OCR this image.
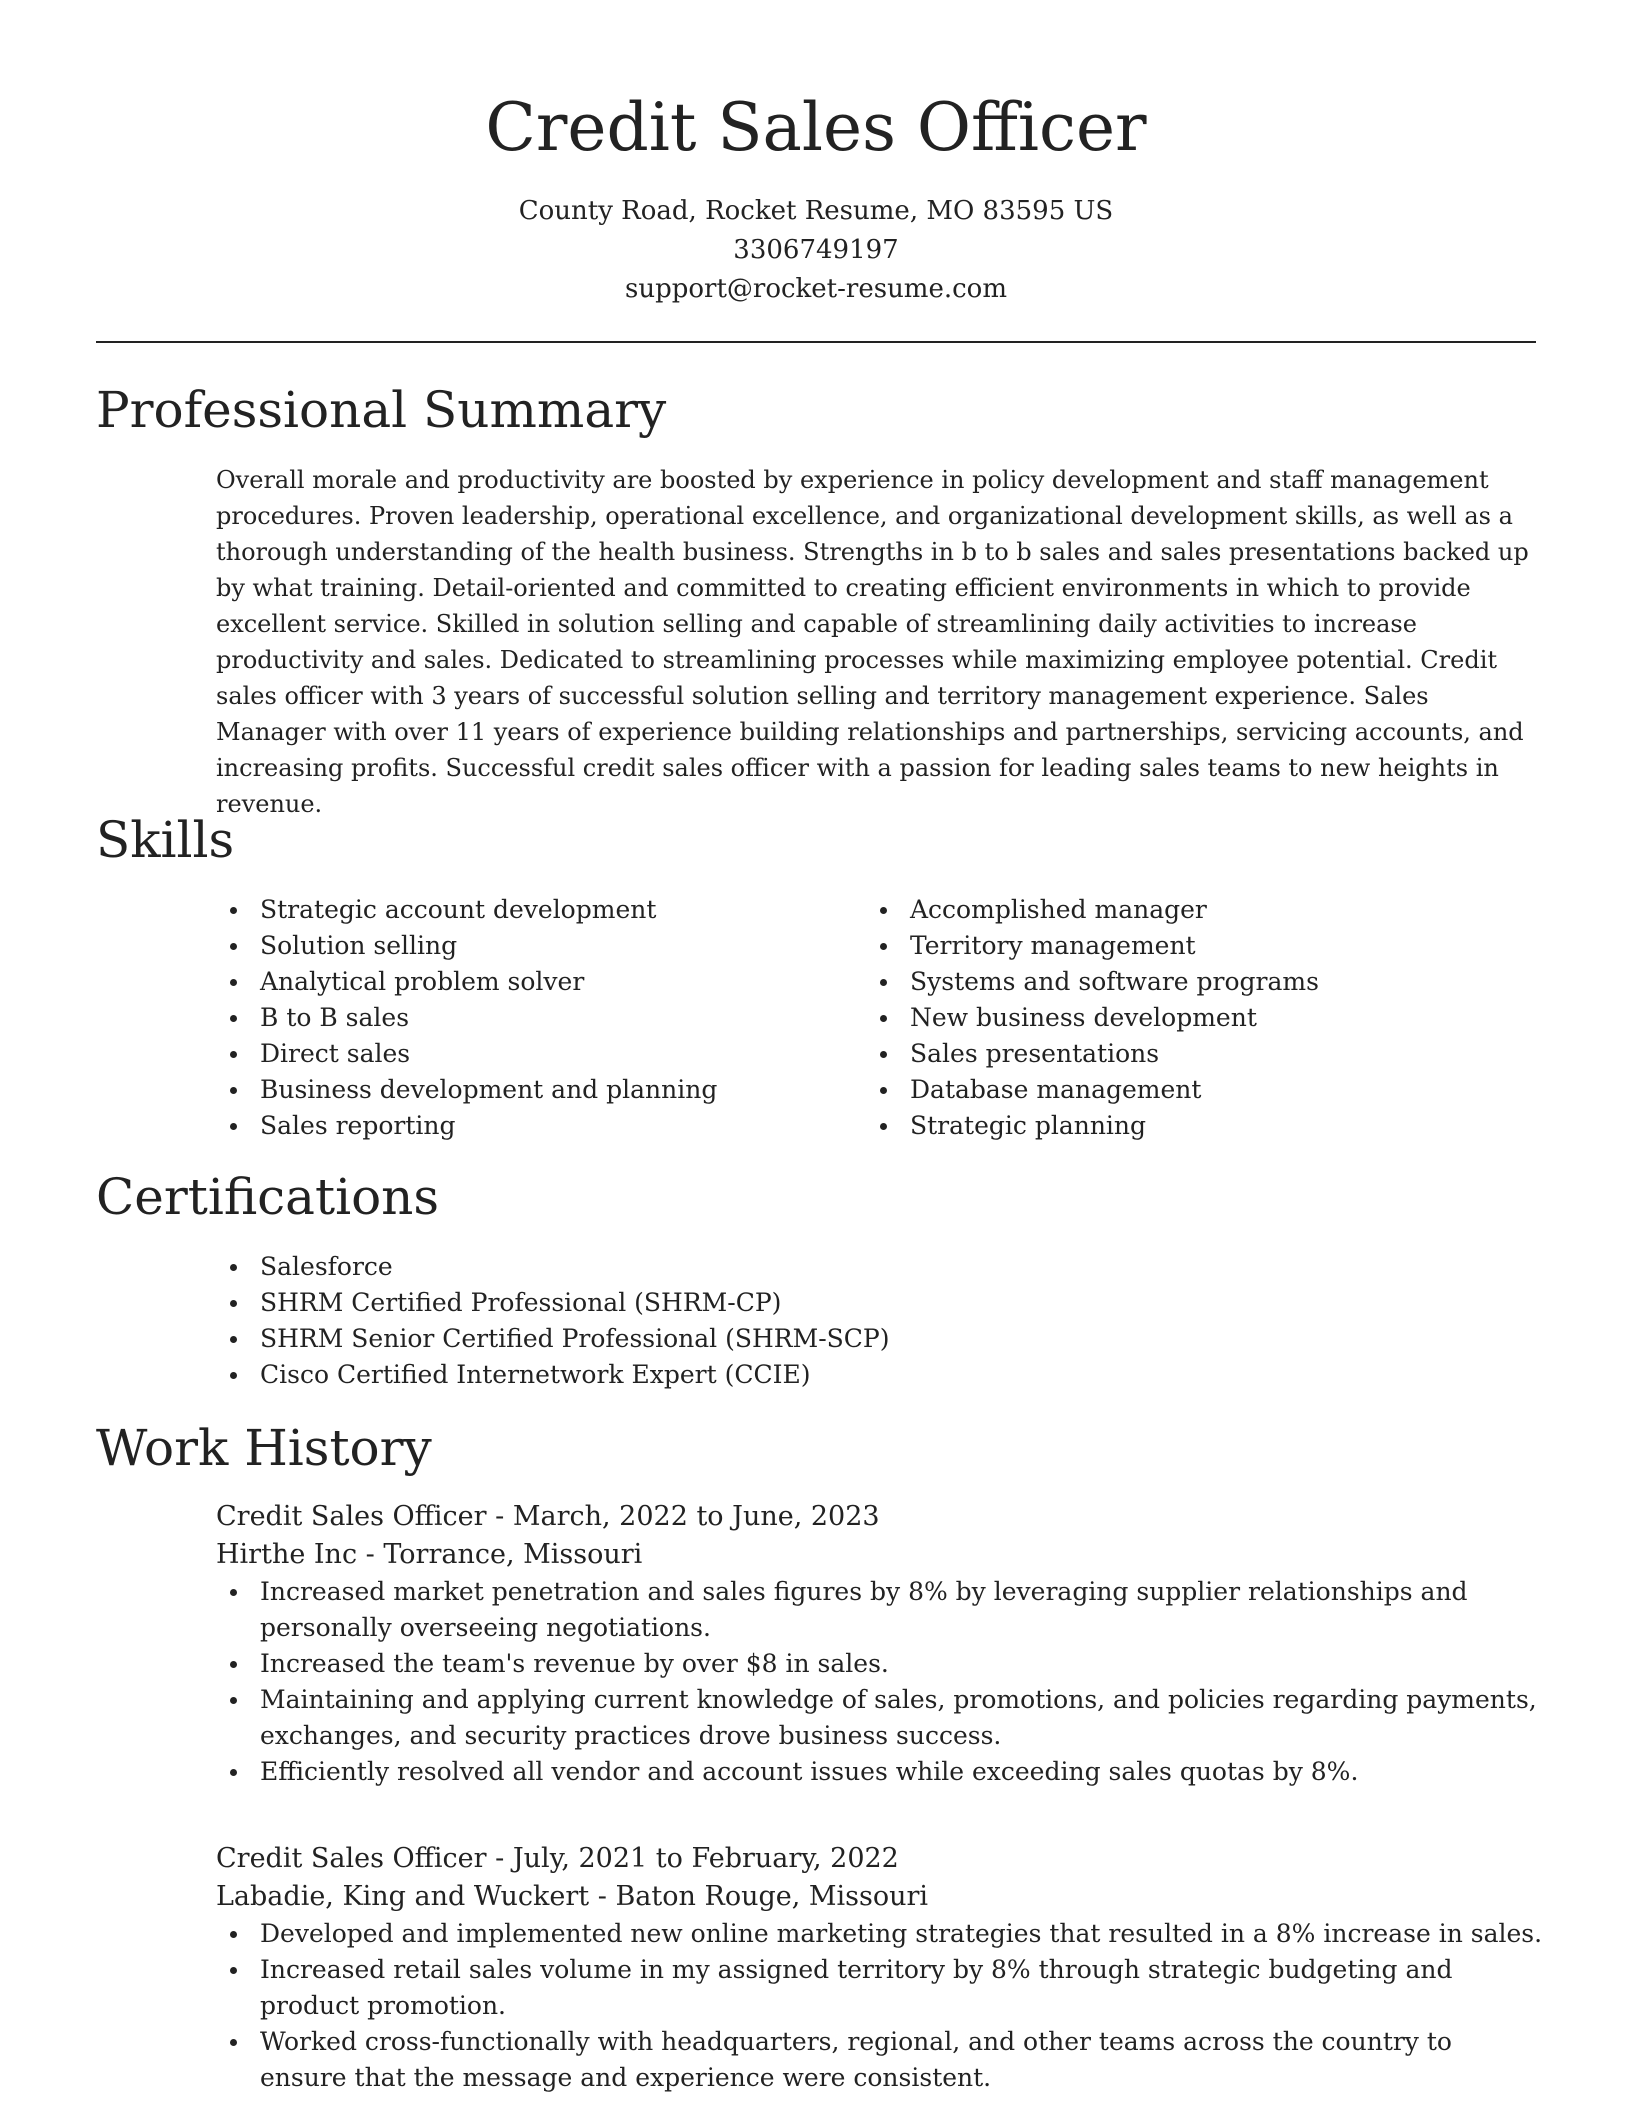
Credit Sales Officer
County Road, Rocket Resume, MO 83595 US
3306749197
support@rocket-resume.com
Professional Summary

Overall morale and productivity are boosted by experience in policy development and staff management procedures. Proven leadership, operational excellence, and organizational development skills, as well as a thorough understanding of the health business. Strengths in b to b sales and sales presentations backed up by what training. Detail-oriented and committed to creating efficient environments in which to provide excellent service. Skilled in solution selling and capable of streamlining daily activities to increase productivity and sales. Dedicated to streamlining processes while maximizing employee potential. Credit sales officer with 3 years of successful solution selling and territory management experience. Sales Manager with over 11 years of experience building relationships and partnerships, servicing accounts, and increasing profits. Successful credit sales officer with a passion for leading sales teams to new heights in revenue.

Skills
Strategic account development
Solution selling
Analytical problem solver
B to B sales
Direct sales
Business development and planning
Sales reporting
Accomplished manager
Territory management
Systems and software programs
New business development
Sales presentations
Database management
Strategic planning
Certifications
Salesforce
SHRM Certified Professional (SHRM-CP)
SHRM Senior Certified Professional (SHRM-SCP)
Cisco Certified Internetwork Expert (CCIE)
Work History
Credit Sales Officer - March, 2022 to June, 2023
Hirthe Inc - Torrance, Missouri
Increased market penetration and sales figures by 8% by leveraging supplier relationships and personally overseeing negotiations.
Increased the team's revenue by over $8 in sales.
Maintaining and applying current knowledge of sales, promotions, and policies regarding payments, exchanges, and security practices drove business success.
Efficiently resolved all vendor and account issues while exceeding sales quotas by 8%.
Credit Sales Officer - July, 2021 to February, 2022
Labadie, King and Wuckert - Baton Rouge, Missouri
Developed and implemented new online marketing strategies that resulted in a 8% increase in sales.
Increased retail sales volume in my assigned territory by 8% through strategic budgeting and product promotion.
Worked cross-functionally with headquarters, regional, and other teams across the country to ensure that the message and experience were consistent.
